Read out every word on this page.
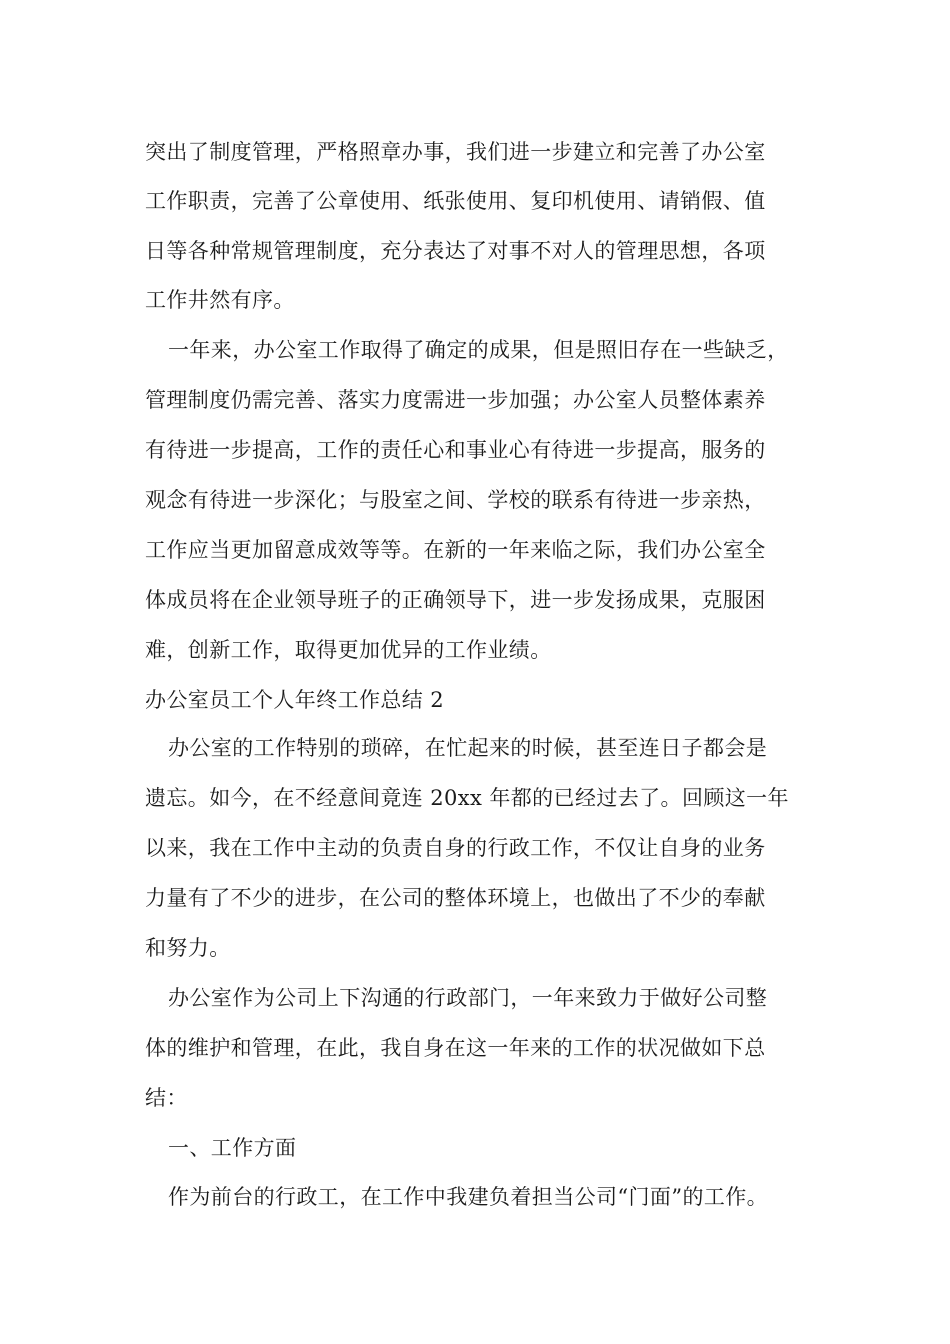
突出了制度管理，严格照章办事，我们进一步建立和完善了办公室
工作职责，完善了公章使用、纸张使用、复印机使用、请销假、值
日等各种常规管理制度，充分表达了对事不对人的管理思想，各项
工作井然有序。
一年来，办公室工作取得了确定的成果，但是照旧存在一些缺乏，
管理制度仍需完善、落实力度需进一步加强；办公室人员整体素养
有待进一步提高，工作的责任心和事业心有待进一步提高，服务的
观念有待进一步深化；与股室之间、学校的联系有待进一步亲热，
工作应当更加留意成效等等。在新的一年来临之际，我们办公室全
体成员将在企业领导班子的正确领导下，进一步发扬成果，克服困
难，创新工作，取得更加优异的工作业绩。
办公室员工个人年终工作总结 2
办公室的工作特别的琐碎，在忙起来的时候，甚至连日子都会是
遗忘。如今，在不经意间竟连 20xx 年都的已经过去了。回顾这一年
以来，我在工作中主动的负责自身的行政工作，不仅让自身的业务
力量有了不少的进步，在公司的整体环境上，也做出了不少的奉献
和努力。
办公室作为公司上下沟通的行政部门，一年来致力于做好公司整
体的维护和管理，在此，我自身在这一年来的工作的状况做如下总
结：
一、工作方面
作为前台的行政工，在工作中我建负着担当公司“门面”的工作。
